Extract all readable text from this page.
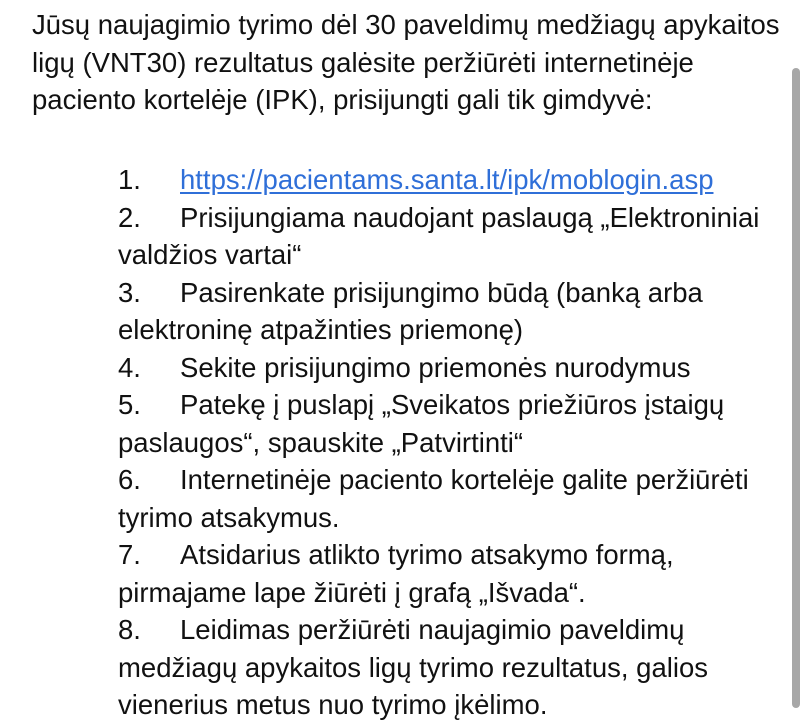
Jūsų naujagimio tyrimo dėl 30 paveldimų medžiagų apykaitos ligų (VNT30) rezultatus galėsite peržiūrėti internetinėje paciento kortelėje (IPK), prisijungti gali tik gimdyvė:

1. https://pacientams.santa.lt/ipk/moblogin.asp
2. Prisijungiama naudojant paslaugą „Elektroniniai valdžios vartai“
3. Pasirenkate prisijungimo būdą (banką arba elektroninę atpažinties priemonę)
4. Sekite prisijungimo priemonės nurodymus
5. Patekę į puslapį „Sveikatos priežiūros įstaigų paslaugos“, spauskite „Patvirtinti“
6. Internetinėje paciento kortelėje galite peržiūrėti tyrimo atsakymus.
7. Atsidarius atlikto tyrimo atsakymo formą, pirmajame lape žiūrėti į grafą „Išvada“.
8. Leidimas peržiūrėti naujagimio paveldimų medžiagų apykaitos ligų tyrimo rezultatus, galios vienerius metus nuo tyrimo įkėlimo.
